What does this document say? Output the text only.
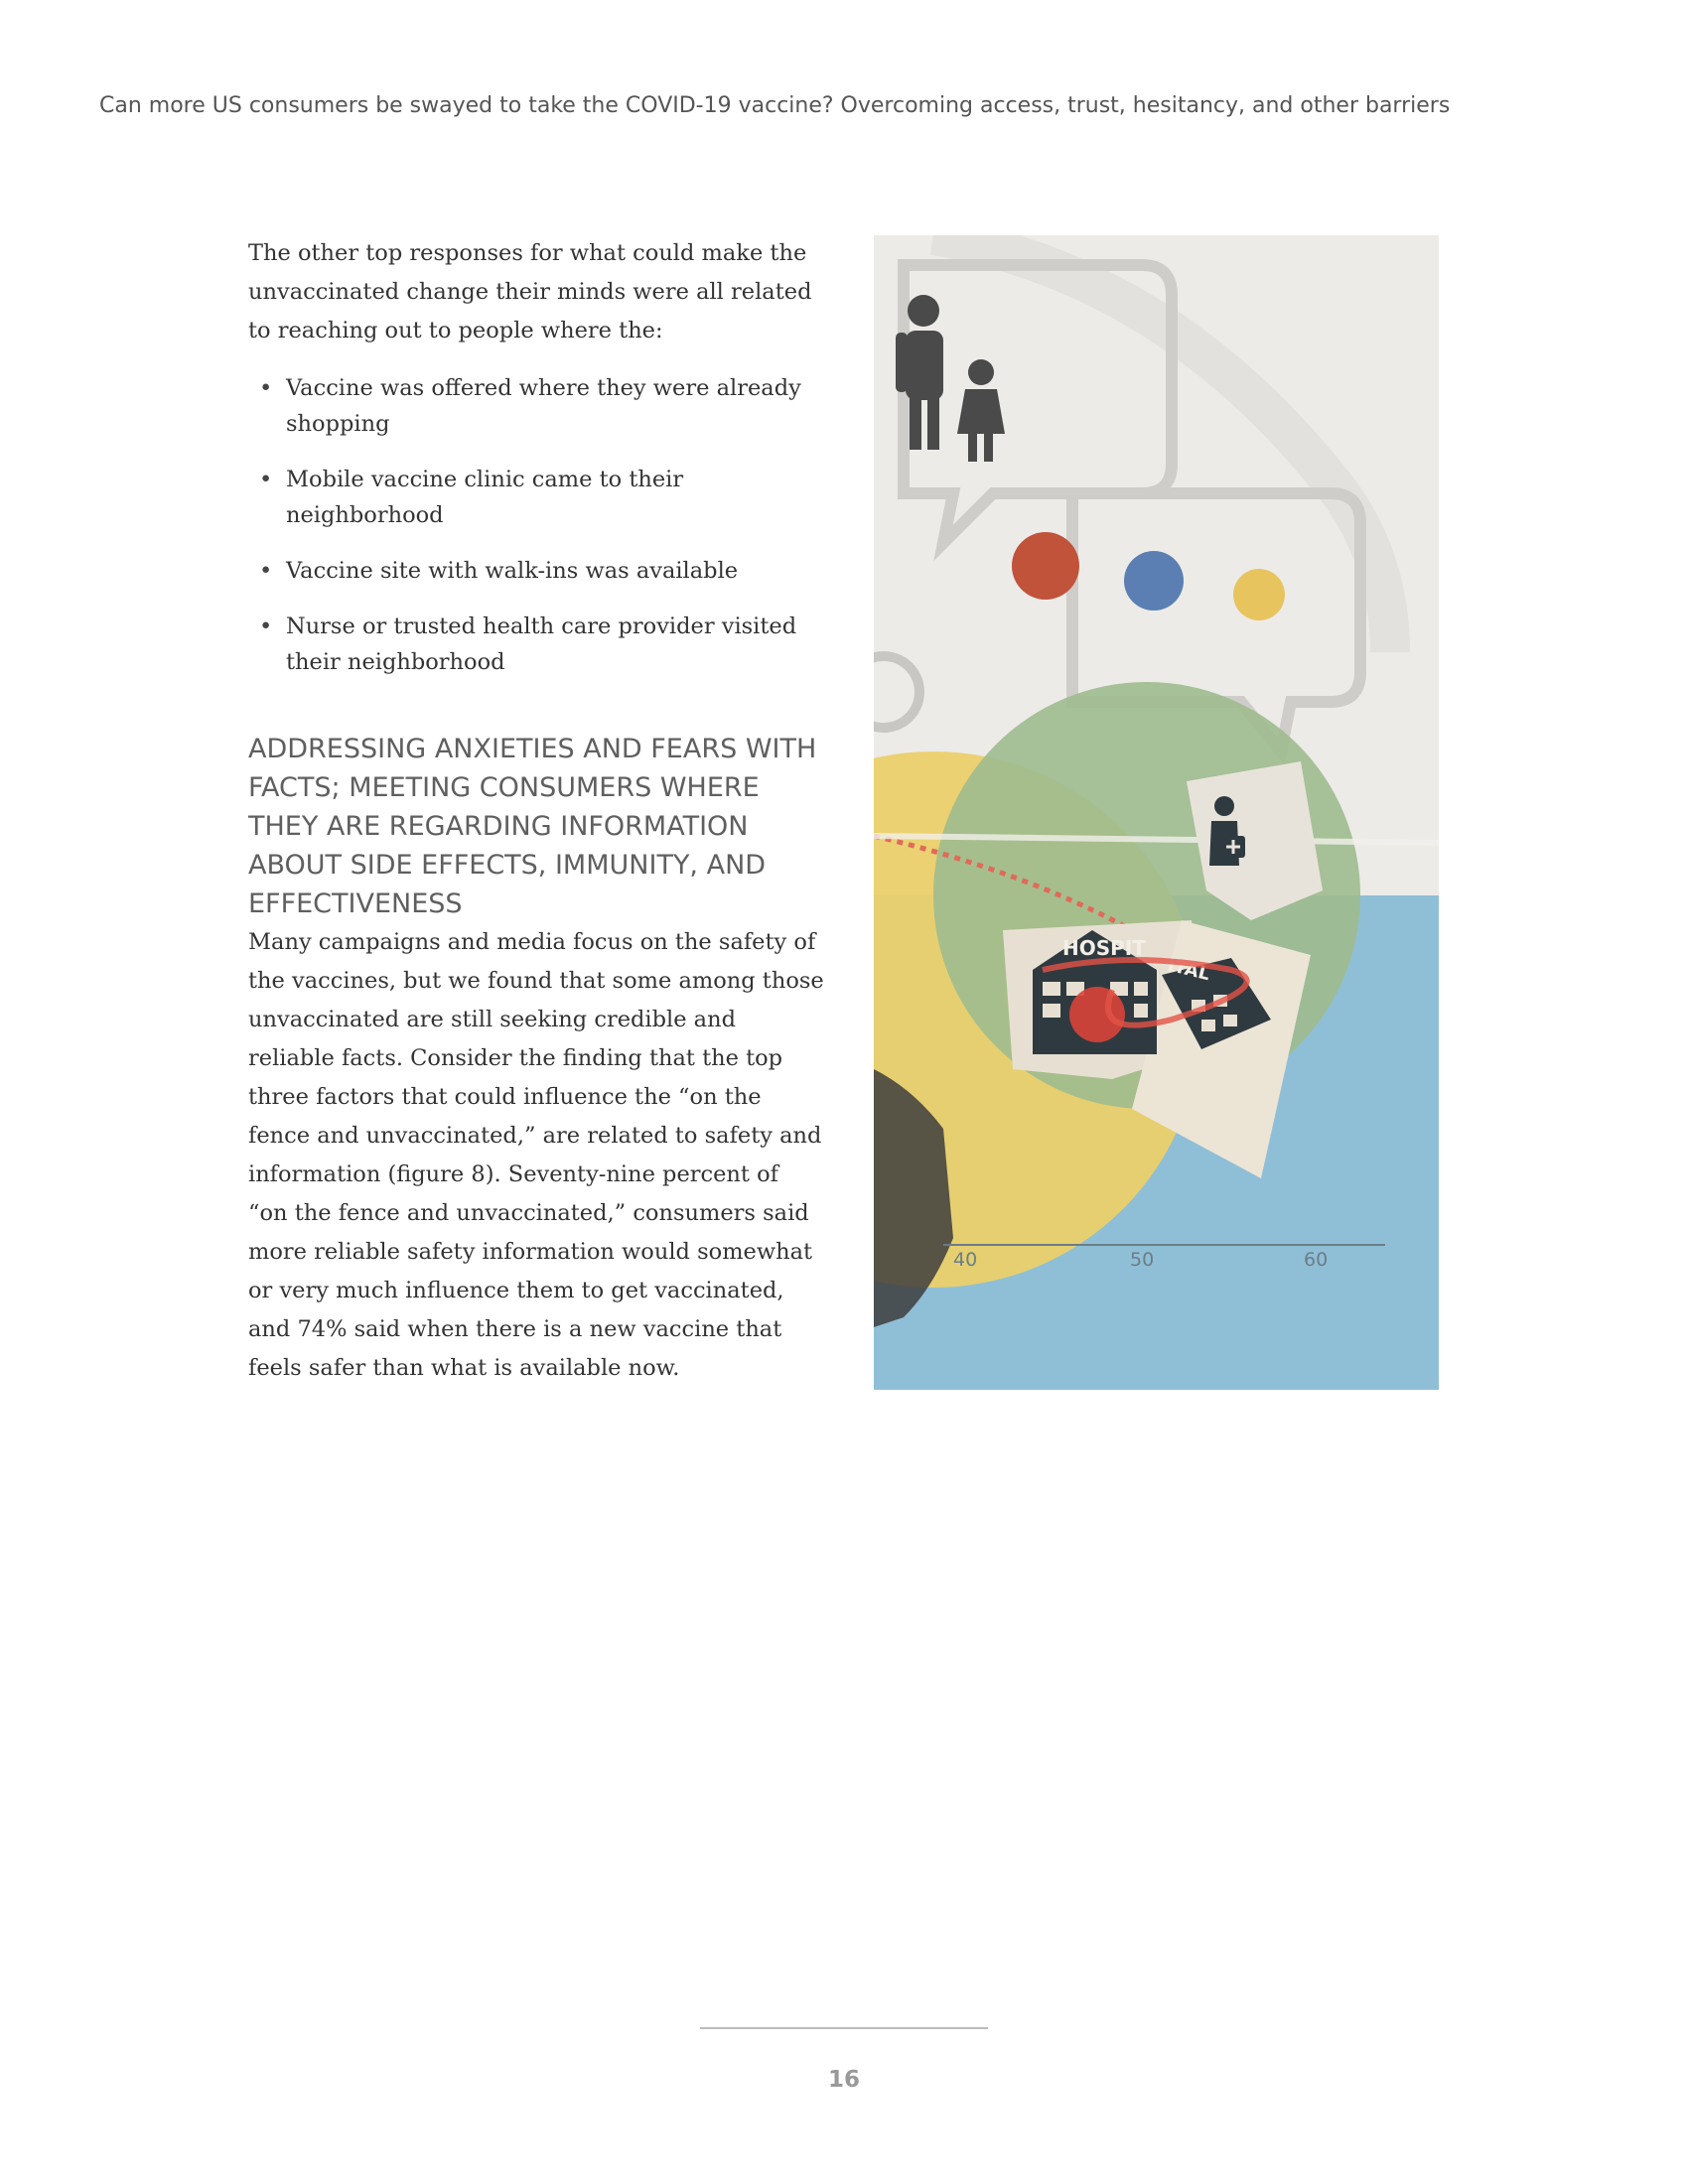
Can more US consumers be swayed to take the COVID-19 vaccine? Overcoming access, trust, hesitancy, and other barriers

The other top responses for what could make the unvaccinated change their minds were all related to reaching out to people where the:

• Vaccine was offered where they were already shopping
• Mobile vaccine clinic came to their neighborhood
• Vaccine site with walk-ins was available
• Nurse or trusted health care provider visited their neighborhood
ADDRESSING ANXIETIES AND FEARS WITH FACTS; MEETING CONSUMERS WHERE THEY ARE REGARDING INFORMATION ABOUT SIDE EFFECTS, IMMUNITY, AND EFFECTIVENESS

Many campaigns and media focus on the safety of the vaccines, but we found that some among those unvaccinated are still seeking credible and reliable facts. Consider the finding that the top three factors that could influence the “on the fence and unvaccinated,” are related to safety and information (figure 8). Seventy-nine percent of “on the fence and unvaccinated,” consumers said more reliable safety information would somewhat or very much influence them to get vaccinated, and 74% said when there is a new vaccine that feels safer than what is available now.

HOSPIT
ITAL
40	50	60
16
